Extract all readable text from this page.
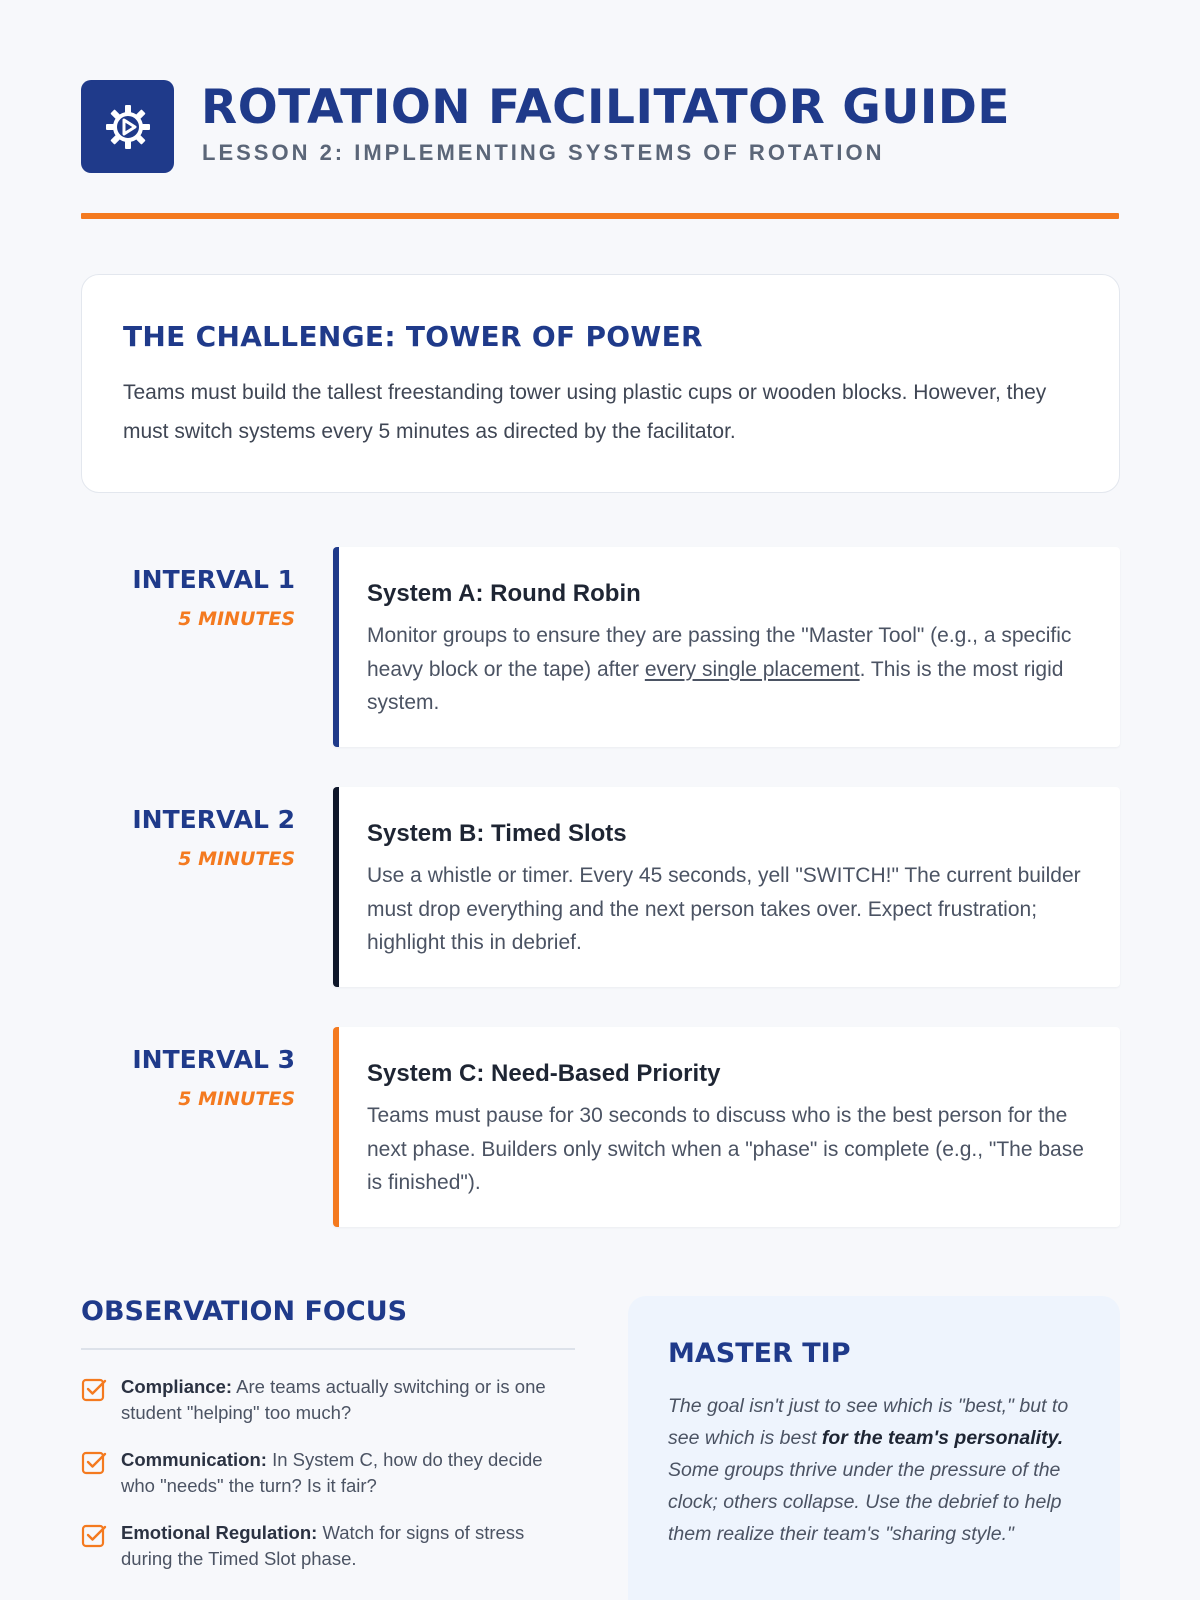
ROTATION FACILITATOR GUIDE
LESSON 2: IMPLEMENTING SYSTEMS OF ROTATION
THE CHALLENGE: TOWER OF POWER

Teams must build the tallest freestanding tower using plastic cups or wooden blocks. However, they must switch systems every 5 minutes as directed by the facilitator.

INTERVAL 1
5 MINUTES
System A: Round Robin

Monitor groups to ensure they are passing the "Master Tool" (e.g., a specific heavy block or the tape) after every single placement. This is the most rigid system.

INTERVAL 2
5 MINUTES
System B: Timed Slots

Use a whistle or timer. Every 45 seconds, yell "SWITCH!" The current builder must drop everything and the next person takes over. Expect frustration; highlight this in debrief.

INTERVAL 3
5 MINUTES
System C: Need-Based Priority

Teams must pause for 30 seconds to discuss who is the best person for the next phase. Builders only switch when a "phase" is complete (e.g., "The base is finished").

OBSERVATION FOCUS
Compliance: Are teams actually switching or is one student "helping" too much?
Communication: In System C, how do they decide who "needs" the turn? Is it fair?
Emotional Regulation: Watch for signs of stress during the Timed Slot phase.
MASTER TIP

The goal isn't just to see which is "best," but to see which is best for the team's personality. Some groups thrive under the pressure of the clock; others collapse. Use the debrief to help them realize their team's "sharing style."
